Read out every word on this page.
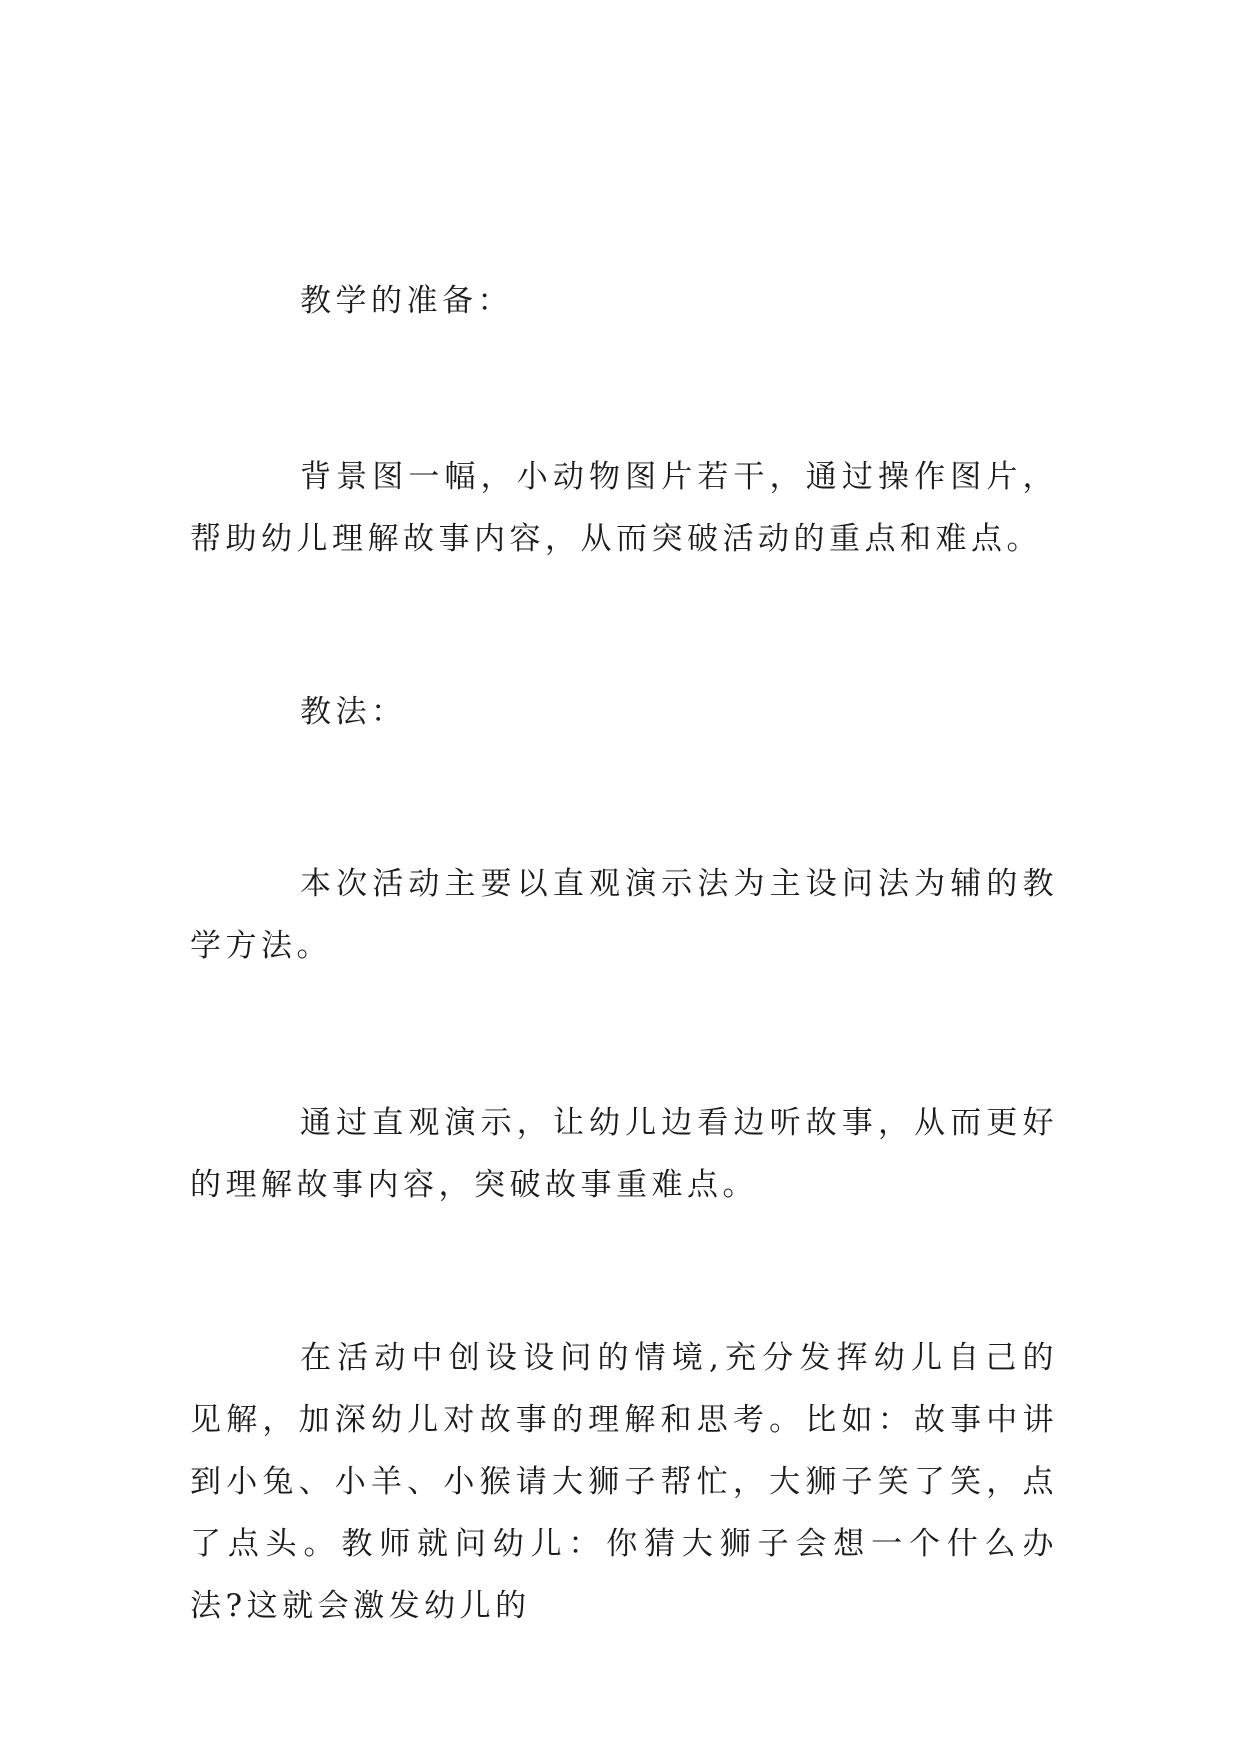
教学的准备：

背景图一幅，小动物图片若干，通过操作图片，帮助幼儿理解故事内容，从而突破活动的重点和难点。

教法：

本次活动主要以直观演示法为主设问法为辅的教学方法。

通过直观演示，让幼儿边看边听故事，从而更好的理解故事内容，突破故事重难点。

在活动中创设设问的情境,充分发挥幼儿自己的见解，加深幼儿对故事的理解和思考。比如：故事中讲到小兔、小羊、小猴请大狮子帮忙，大狮子笑了笑，点了点头。教师就问幼儿：你猜大狮子会想一个什么办法?这就会激发幼儿的
